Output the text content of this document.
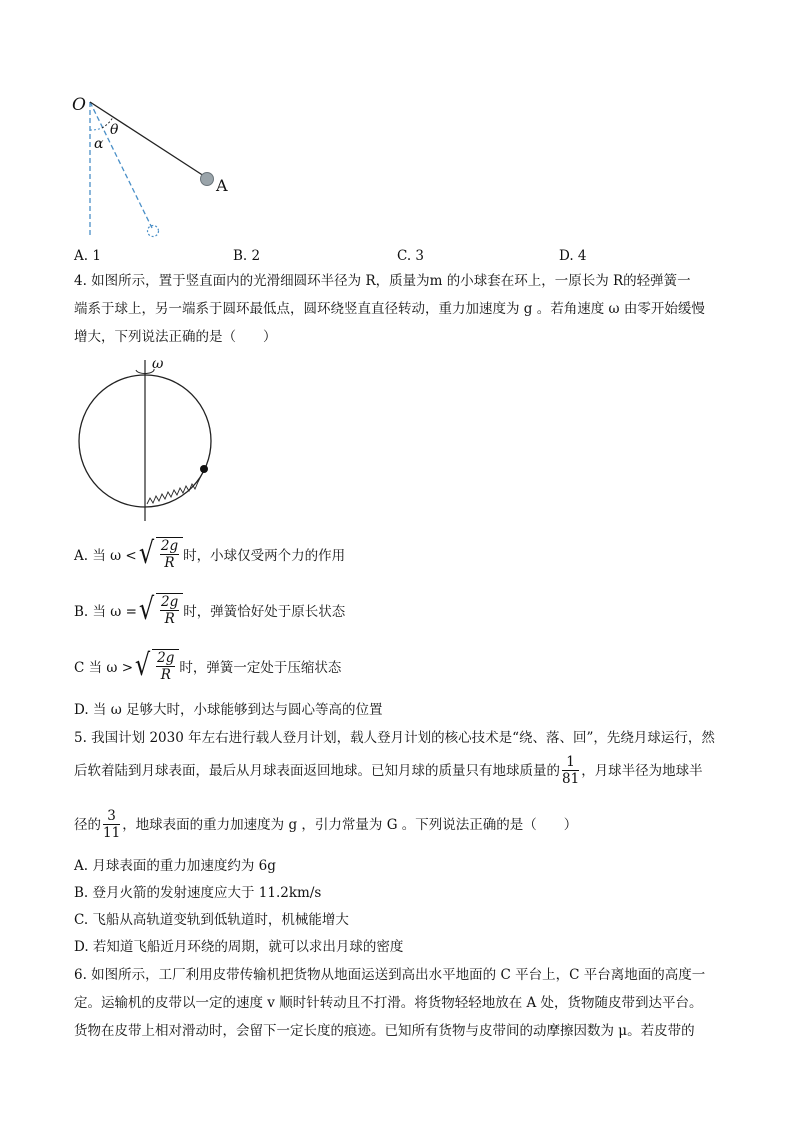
O
θ
α
A
A. 1	B. 2	C. 3	D. 4
4. 如图所示，置于竖直面内的光滑细圆环半径为 R，质量为m 的小球套在环上，一原长为 R的轻弹簧一
端系于球上，另一端系于圆环最低点，圆环绕竖直直径转动，重力加速度为 g 。若角速度 ω 由零开始缓慢
增大，下列说法正确的是（　　）
ω
A. 当 ω < √ $\frac{2g}{R}$ 时，小球仅受两个力的作用
B. 当 ω = √ $\frac{2g}{R}$ 时，弹簧恰好处于原长状态
C 当 ω > √ $\frac{2g}{R}$ 时，弹簧一定处于压缩状态
D. 当 ω 足够大时，小球能够到达与圆心等高的位置
5. 我国计划 2030 年左右进行载人登月计划，载人登月计划的核心技术是“绕、落、回”，先绕月球运行，然
后软着陆到月球表面，最后从月球表面返回地球。已知月球的质量只有地球质量的 $\frac{1}{81}$ ，月球半径为地球半
径的 $\frac{3}{11}$ ，地球表面的重力加速度为 g ，引力常量为 G 。下列说法正确的是（　　）
A. 月球表面的重力加速度约为 6g
B. 登月火箭的发射速度应大于 11.2km/s
C. 飞船从高轨道变轨到低轨道时，机械能增大
D. 若知道飞船近月环绕的周期，就可以求出月球的密度
6. 如图所示，工厂利用皮带传输机把货物从地面运送到高出水平地面的 C 平台上，C 平台离地面的高度一
定。运输机的皮带以一定的速度 v 顺时针转动且不打滑。将货物轻轻地放在 A 处，货物随皮带到达平台。
货物在皮带上相对滑动时，会留下一定长度的痕迹。已知所有货物与皮带间的动摩擦因数为 μ。若皮带的
